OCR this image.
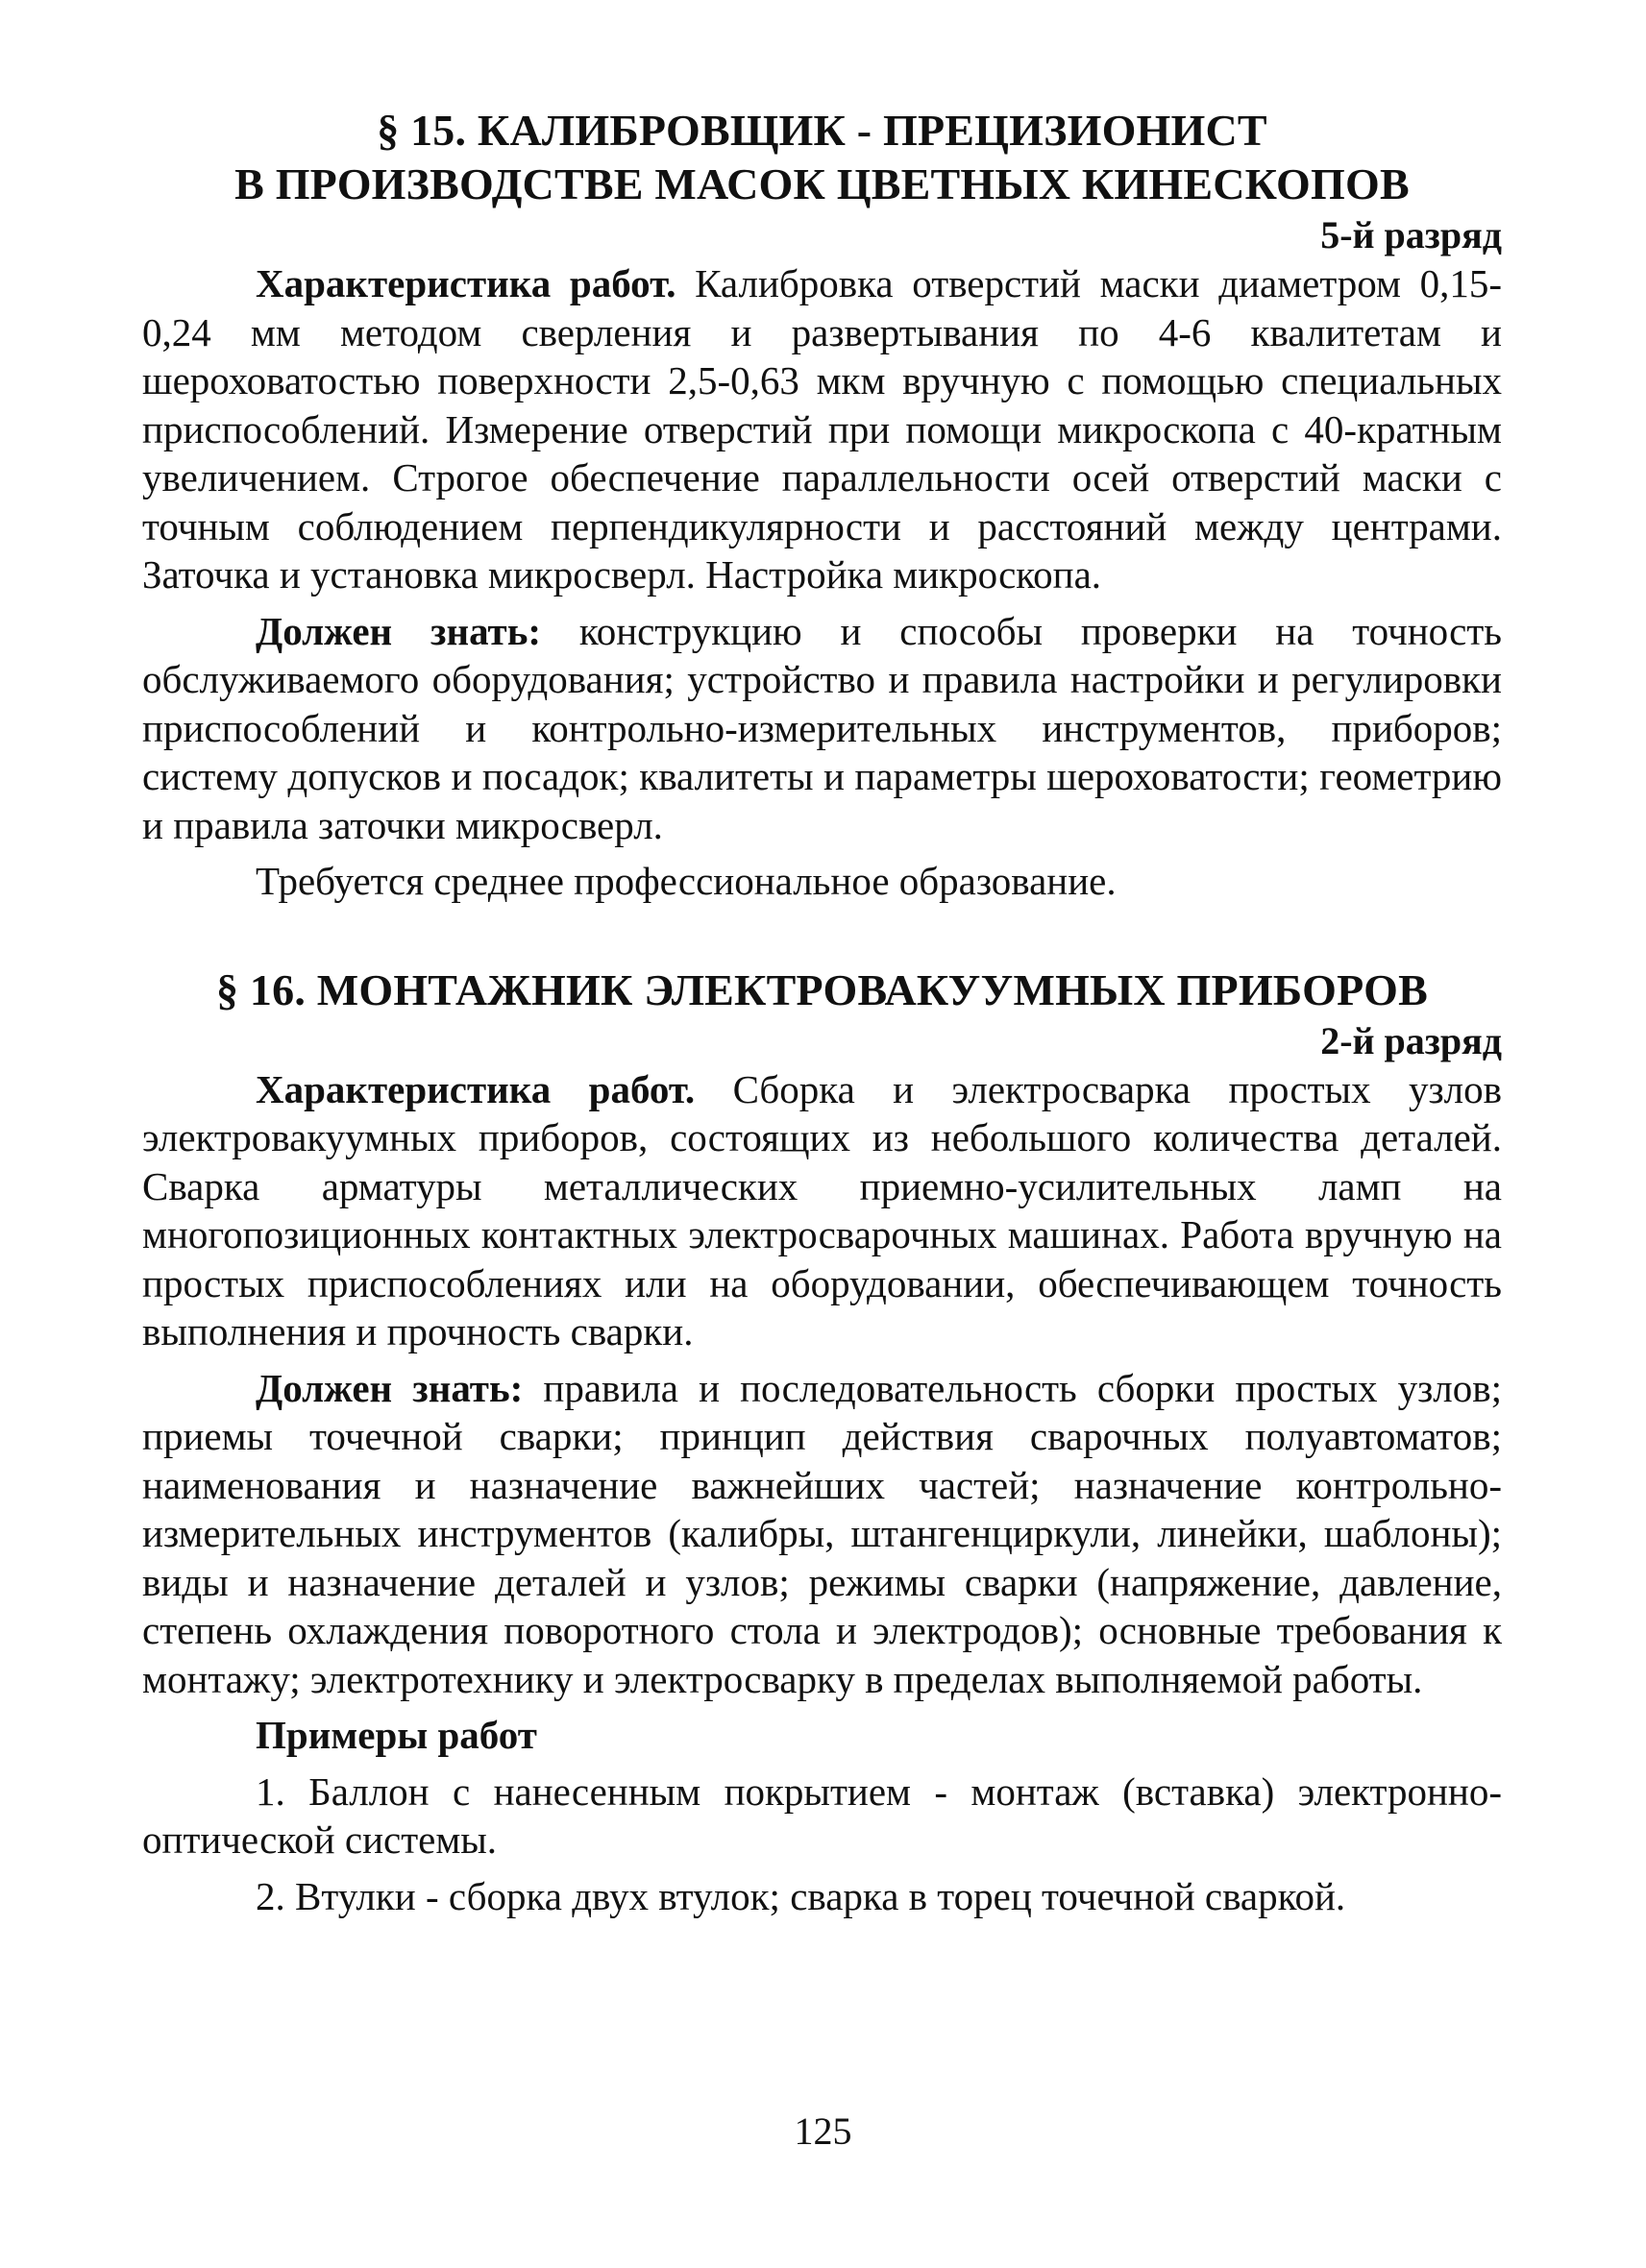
§ 15. КАЛИБРОВЩИК - ПРЕЦИЗИОНИСТ
В ПРОИЗВОДСТВЕ МАСОК ЦВЕТНЫХ КИНЕСКОПОВ
5-й разряд

Характеристика работ. Калибровка отверстий маски диаметром 0,15-0,24 мм методом сверления и развертывания по 4-6 квалитетам и шероховатостью поверхности 2,5-0,63 мкм вручную с помощью специальных приспособлений. Измерение отверстий при помощи микроскопа с 40-кратным увеличением. Строгое обеспечение параллельности осей отверстий маски с точным соблюдением перпендикулярности и расстояний между центрами. Заточка и установка микросверл. Настройка микроскопа.

Должен знать: конструкцию и способы проверки на точность обслуживаемого оборудования; устройство и правила настройки и регулировки приспособлений и контрольно-измерительных инструментов, приборов; систему допусков и посадок; квалитеты и параметры шероховатости; геометрию и правила заточки микросверл.

Требуется среднее профессиональное образование.

§ 16. МОНТАЖНИК ЭЛЕКТРОВАКУУМНЫХ ПРИБОРОВ
2-й разряд

Характеристика работ. Сборка и электросварка простых узлов электровакуумных приборов, состоящих из небольшого количества деталей. Сварка арматуры металлических приемно-усилительных ламп на многопозиционных контактных электросварочных машинах. Работа вручную на простых приспособлениях или на оборудовании, обеспечивающем точность выполнения и прочность сварки.

Должен знать: правила и последовательность сборки простых узлов; приемы точечной сварки; принцип действия сварочных полуавтоматов; наименования и назначение важнейших частей; назначение контрольно-измерительных инструментов (калибры, штангенциркули, линейки, шаблоны); виды и назначение деталей и узлов; режимы сварки (напряжение, давление, степень охлаждения поворотного стола и электродов); основные требования к монтажу; электротехнику и электросварку в пределах выполняемой работы.

Примеры работ

1. Баллон с нанесенным покрытием - монтаж (вставка) электронно-оптической системы.

2. Втулки - сборка двух втулок; сварка в торец точечной сваркой.

125
